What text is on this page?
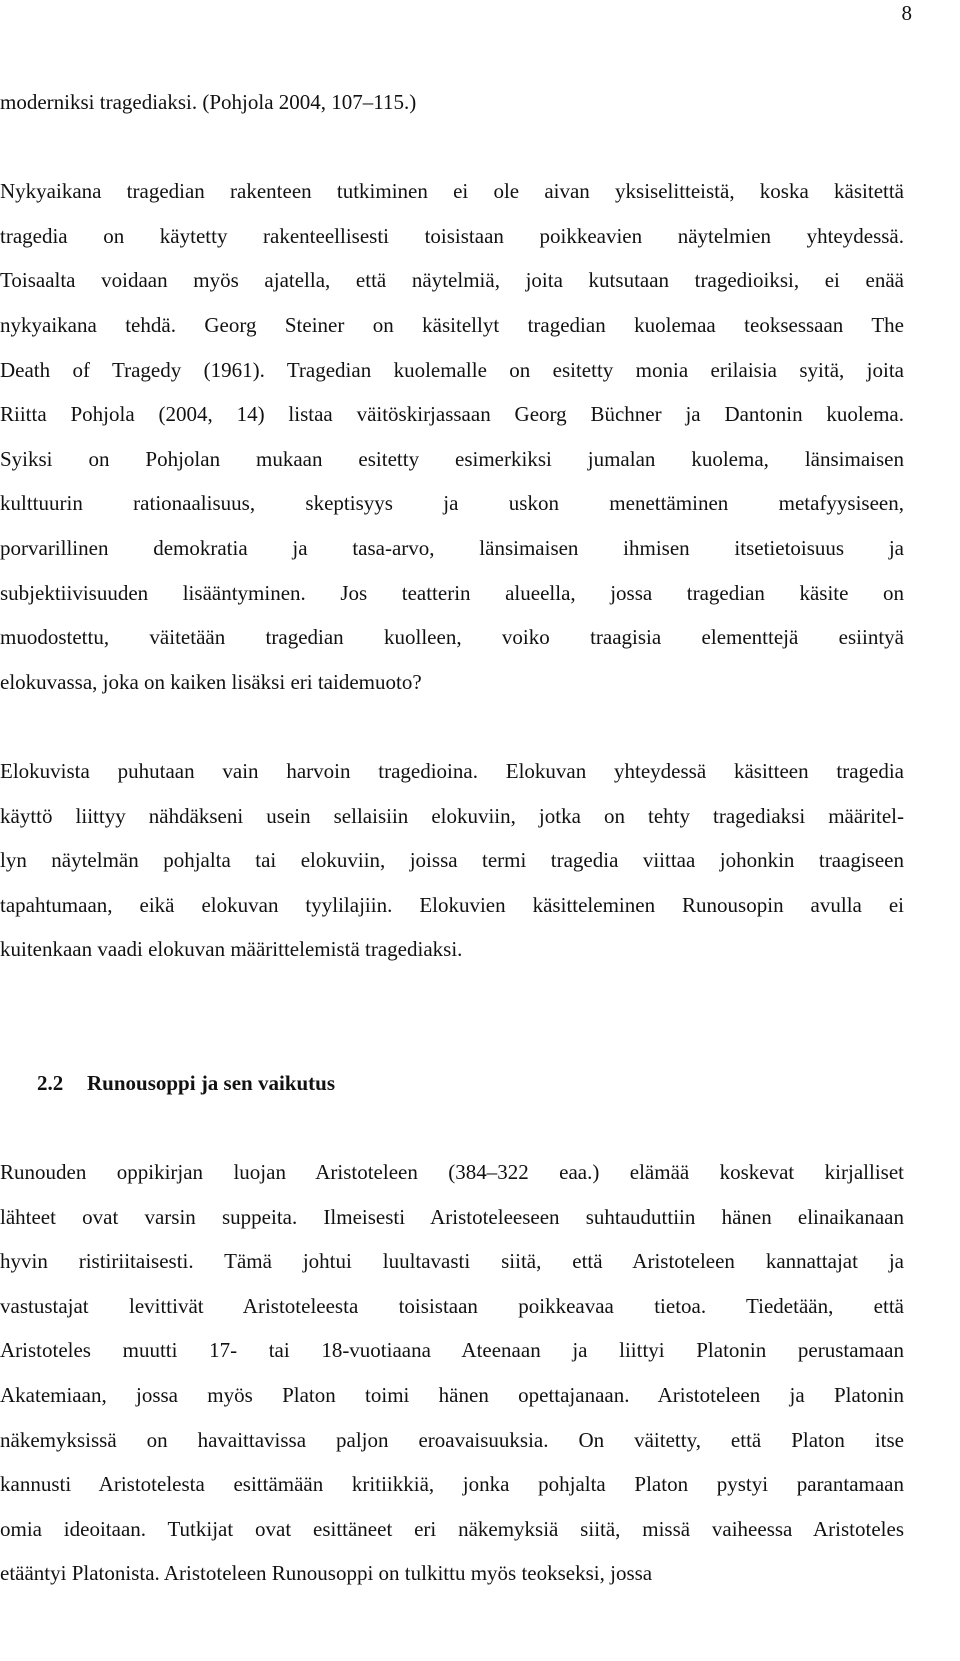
8
moderniksi tragediaksi. (Pohjola 2004, 107–115.)
Nykyaikana tragedian rakenteen tutkiminen ei ole aivan yksiselitteistä, koska käsitettä
tragedia on käytetty rakenteellisesti toisistaan poikkeavien näytelmien yhteydessä.
Toisaalta voidaan myös ajatella, että näytelmiä, joita kutsutaan tragedioiksi, ei enää
nykyaikana tehdä. Georg Steiner on käsitellyt tragedian kuolemaa teoksessaan The
Death of Tragedy (1961). Tragedian kuolemalle on esitetty monia erilaisia syitä, joita
Riitta Pohjola (2004, 14) listaa väitöskirjassaan Georg Büchner ja Dantonin kuolema.
Syiksi on Pohjolan mukaan esitetty esimerkiksi jumalan kuolema, länsimaisen
kulttuurin rationaalisuus, skeptisyys ja uskon menettäminen metafyysiseen,
porvarillinen demokratia ja tasa-arvo, länsimaisen ihmisen itsetietoisuus ja
subjektiivisuuden lisääntyminen. Jos teatterin alueella, jossa tragedian käsite on
muodostettu, väitetään tragedian kuolleen, voiko traagisia elementtejä esiintyä
elokuvassa, joka on kaiken lisäksi eri taidemuoto?
Elokuvista puhutaan vain harvoin tragedioina. Elokuvan yhteydessä käsitteen tragedia
käyttö liittyy nähdäkseni usein sellaisiin elokuviin, jotka on tehty tragediaksi määritel-
lyn näytelmän pohjalta tai elokuviin, joissa termi tragedia viittaa johonkin traagiseen
tapahtumaan, eikä elokuvan tyylilajiin. Elokuvien käsitteleminen Runousopin avulla ei
kuitenkaan vaadi elokuvan määrittelemistä tragediaksi.
2.2 Runousoppi ja sen vaikutus
Runouden oppikirjan luojan Aristoteleen (384–322 eaa.) elämää koskevat kirjalliset
lähteet ovat varsin suppeita. Ilmeisesti Aristoteleeseen suhtauduttiin hänen elinaikanaan
hyvin ristiriitaisesti. Tämä johtui luultavasti siitä, että Aristoteleen kannattajat ja
vastustajat levittivät Aristoteleesta toisistaan poikkeavaa tietoa. Tiedetään, että
Aristoteles muutti 17- tai 18-vuotiaana Ateenaan ja liittyi Platonin perustamaan
Akatemiaan, jossa myös Platon toimi hänen opettajanaan. Aristoteleen ja Platonin
näkemyksissä on havaittavissa paljon eroavaisuuksia. On väitetty, että Platon itse
kannusti Aristotelesta esittämään kritiikkiä, jonka pohjalta Platon pystyi parantamaan
omia ideoitaan. Tutkijat ovat esittäneet eri näkemyksiä siitä, missä vaiheessa Aristoteles
etääntyi Platonista. Aristoteleen Runousoppi on tulkittu myös teokseksi, jossa
